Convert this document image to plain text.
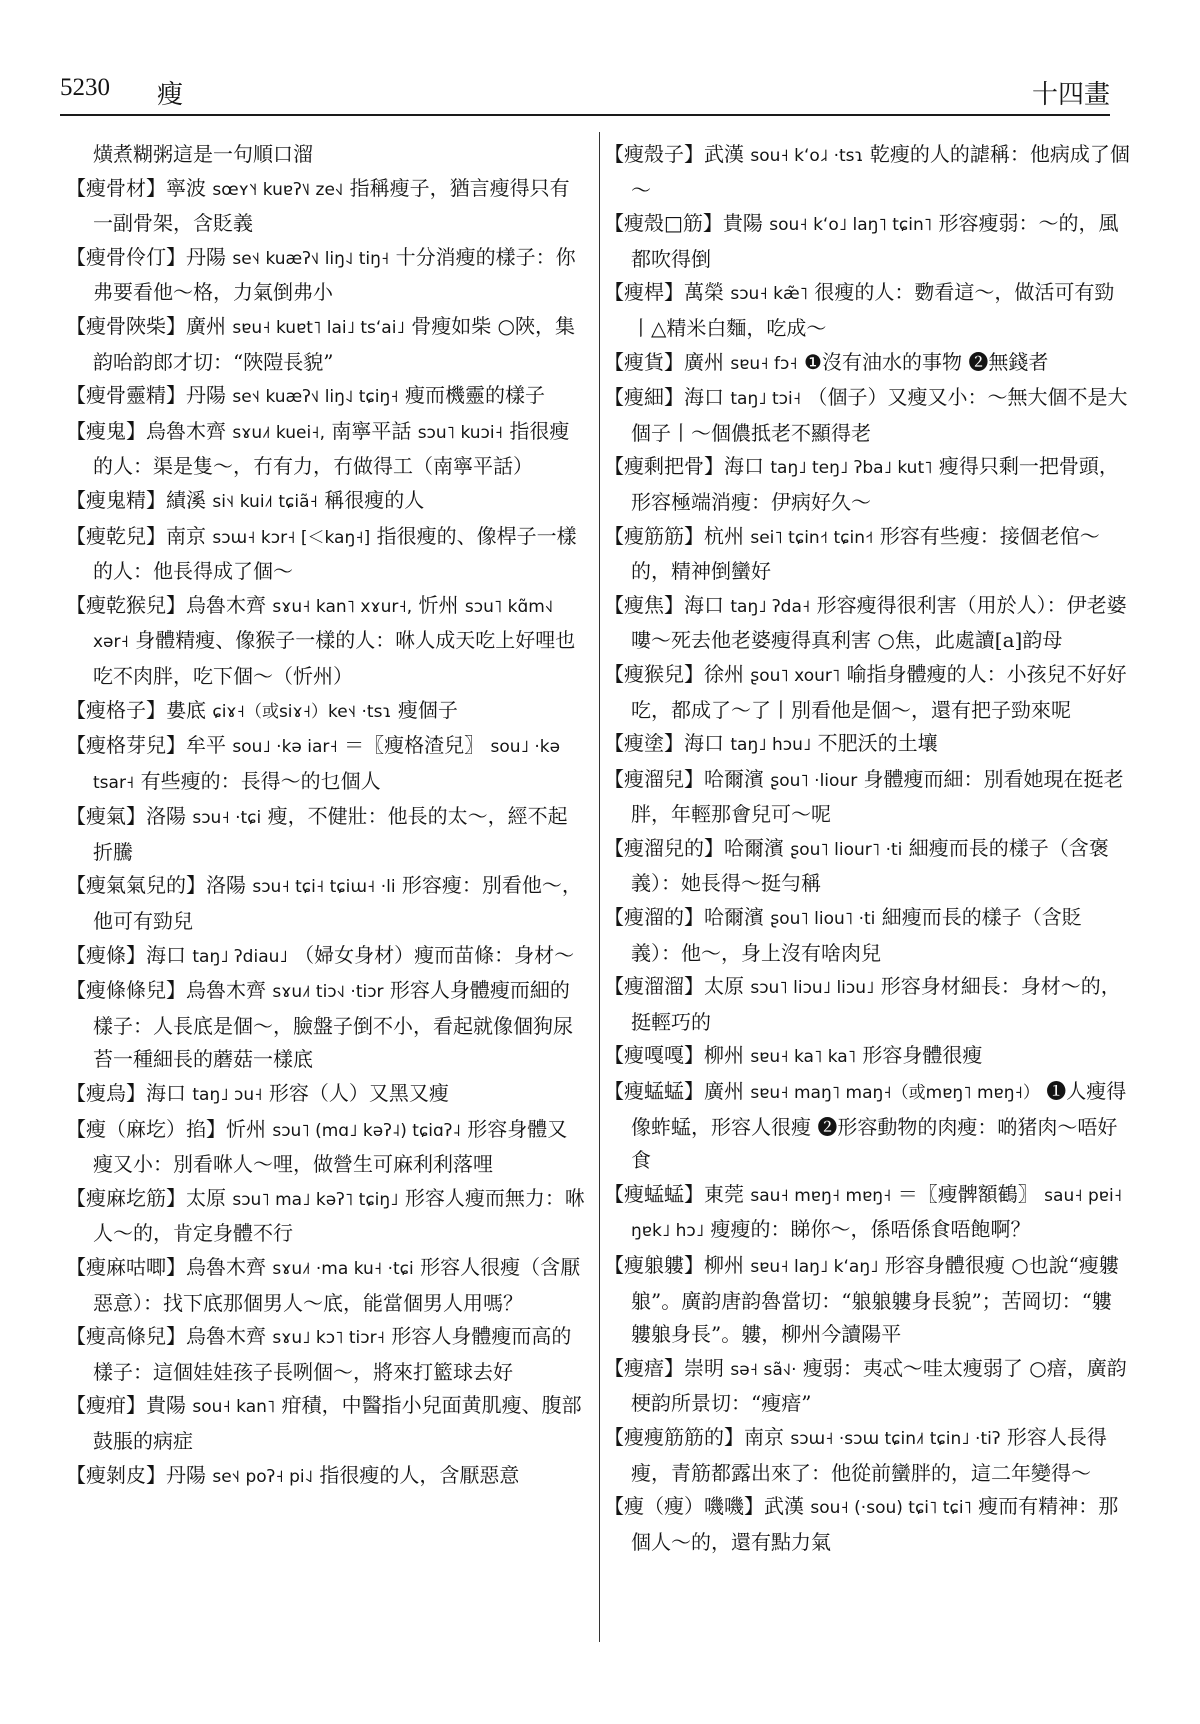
5230 瘦	十四畫

熿煮糊粥這是一句順口溜

【瘦骨材】寧波 sœʏ˥˧ kuɐʔ˥˩ ze˧˩ 指稱瘦子，猶言瘦得只有一副骨架，含貶義

【瘦骨伶仃】丹陽 se˦˨ kuæʔ˦˩ liŋ˨˩ tiŋ˧ 十分消瘦的樣子：你弗要看他～格，力氣倒弗小

【瘦骨陜柴】廣州 sɐu˧ kuɐt˥ lai˩ tsʻai˩ 骨瘦如柴 ○陜，集韵咍韵郎才切：“陜隑長貌”

【瘦骨靈精】丹陽 se˦˨ kuæʔ˦˩ liŋ˨˩ tɕiŋ˧ 瘦而機靈的樣子

【瘦鬼】烏魯木齊 sɤu˩˦ kuei˧, 南寧平話 sɔu˥ kuɔi˧ 指很瘦的人：渠是隻～，冇有力，冇做得工（南寧平話）

【瘦鬼精】績溪 si˦˨ kui˩˦ tɕiã˧ 稱很瘦的人

【瘦乾兒】南京 sɔɯ˧ kɔr˧ [＜kaŋ˧] 指很瘦的、像桿子一樣的人：他長得成了個～

【瘦乾猴兒】烏魯木齊 sɤu˧ kan˥ xɤur˧, 忻州 sɔu˥ kɑ̃m˧˩ xər˧ 身體精瘦、像猴子一樣的人：咻人成天吃上好哩也吃不肉胖，吃下個～（忻州）

【瘦格子】婁底 ɕiɤ˧（或siɤ˧）ke˦˨ ·tsɿ 瘦個子

【瘦格芽兒】牟平 sou˩ ·kə iar˧ ＝〖瘦格渣兒〗 sou˩ ·kə tsar˧ 有些瘦的：長得～的乜個人

【瘦氣】洛陽 sɔu˧ ·tɕi 瘦，不健壯：他長的太～，經不起折騰

【瘦氣氣兒的】洛陽 sɔu˧ tɕi˧ tɕiɯ˧ ·li 形容瘦：別看他～，他可有勁兒

【瘦條】海口 taŋ˩ ʔdiau˩ （婦女身材）瘦而苗條：身材～

【瘦條條兒】烏魯木齊 sɤu˩˦ tiɔ˧˩ ·tiɔr 形容人身體瘦而細的樣子：人長底是個～，臉盤子倒不小，看起就像個狗尿苔一種細長的蘑菇一樣底

【瘦烏】海口 taŋ˩ ɔu˧ 形容（人）又黑又瘦

【瘦（麻圪）掐】忻州 sɔu˥ (mɑ˩ kəʔ˨) tɕiɑʔ˨ 形容身體又瘦又小：別看咻人～哩，做營生可麻利利落哩

【瘦麻圪筋】太原 sɔu˥ ma˩ kəʔ˥ tɕiŋ˩ 形容人瘦而無力：咻人～的，肯定身體不行

【瘦麻咕唧】烏魯木齊 sɤu˩˦ ·ma ku˧ ·tɕi 形容人很瘦（含厭惡意）：找下底那個男人～底，能當個男人用嗎？

【瘦高條兒】烏魯木齊 sɤu˩ kɔ˥ tiɔr˧ 形容人身體瘦而高的樣子：這個娃娃孩子長咧個～，將來打籃球去好

【瘦疳】貴陽 sou˧ kan˥ 疳積，中醫指小兒面黄肌瘦、腹部鼓脹的病症

【瘦剝皮】丹陽 se˦˨ poʔ˧ pi˨˩ 指很瘦的人，含厭惡意

【瘦殼子】武漢 sou˧ kʻo˩˨ ·tsɿ 乾瘦的人的謔稱：他病成了個～

【瘦殼□筋】貴陽 sou˧ kʻo˩ laŋ˥ tɕin˥ 形容瘦弱：～的，風都吹得倒

【瘦桿】萬榮 sɔu˧ kæ̃˥ 很瘦的人：覅看這～，做活可有勁丨△精米白麵，吃成～

【瘦貨】廣州 sɐu˧ fɔ˧ ❶沒有油水的事物 ❷無錢者

【瘦細】海口 taŋ˩ tɔi˧ （個子）又瘦又小：～無大個不是大個子丨～個儂抵老不顯得老

【瘦剩把骨】海口 taŋ˩ teŋ˩ ʔba˩ kut˥ 瘦得只剩一把骨頭，形容極端消瘦：伊病好久～

【瘦筋筋】杭州 sei˥ tɕin˧˦ tɕin˧˦ 形容有些瘦：接個老倌～的，精神倒蠻好

【瘦焦】海口 taŋ˩ ʔda˧ 形容瘦得很利害（用於人）：伊老婆嘍～死去他老婆瘦得真利害 ○焦，此處讀[a]韵母

【瘦猴兒】徐州 ʂou˥ xour˥ 喻指身體瘦的人：小孩兒不好好吃，都成了～了丨別看他是個～，還有把子勁來呢

【瘦塗】海口 taŋ˩ hɔu˩ 不肥沃的土壤

【瘦溜兒】哈爾濱 ʂou˥ ·liour 身體瘦而細：別看她現在挺老胖，年輕那會兒可～呢

【瘦溜兒的】哈爾濱 ʂou˥ liour˥ ·ti 細瘦而長的樣子（含褒義）：她長得～挺勻稱

【瘦溜的】哈爾濱 ʂou˥ liou˥ ·ti 細瘦而長的樣子（含貶義）：他～，身上沒有啥肉兒

【瘦溜溜】太原 sɔu˥ liɔu˩ liɔu˩ 形容身材細長：身材～的，挺輕巧的

【瘦嘎嘎】柳州 sɐu˧ ka˥ ka˥ 形容身體很瘦

【瘦蜢蜢】廣州 sɐu˧ maŋ˥ maŋ˧（或mɐŋ˥ mɐŋ˧） ❶人瘦得像蚱蜢，形容人很瘦 ❷形容動物的肉瘦：啲猪肉～唔好食

【瘦蜢蜢】東莞 sau˧ mɐŋ˧ mɐŋ˧ ＝〖瘦髀額鶴〗 sau˧ pɐi˧ ŋɐk˩ hɔ˩ 瘦瘦的：睇你～，係唔係食唔飽啊？

【瘦躴軁】柳州 sɐu˧ laŋ˩ kʻaŋ˩ 形容身體很瘦 ○也說“瘦軁躴”。廣韵唐韵魯當切：“躴躴軁身長貌”；苦岡切：“軁軁躴身長”。軁，柳州今讀陽平

【瘦瘖】崇明 sə˧ sã˧˩· 瘦弱：夷忒～哇太瘦弱了 ○瘖，廣韵梗韵所景切：“瘦瘖”

【瘦瘦筋筋的】南京 sɔɯ˧ ·sɔɯ tɕin˩˦ tɕin˩ ·tiʔ 形容人長得瘦，青筋都露出來了：他從前蠻胖的，這二年變得～

【瘦（瘦）嘰嘰】武漢 sou˧ (·sou) tɕi˥ tɕi˥ 瘦而有精神：那個人～的，還有點力氣
